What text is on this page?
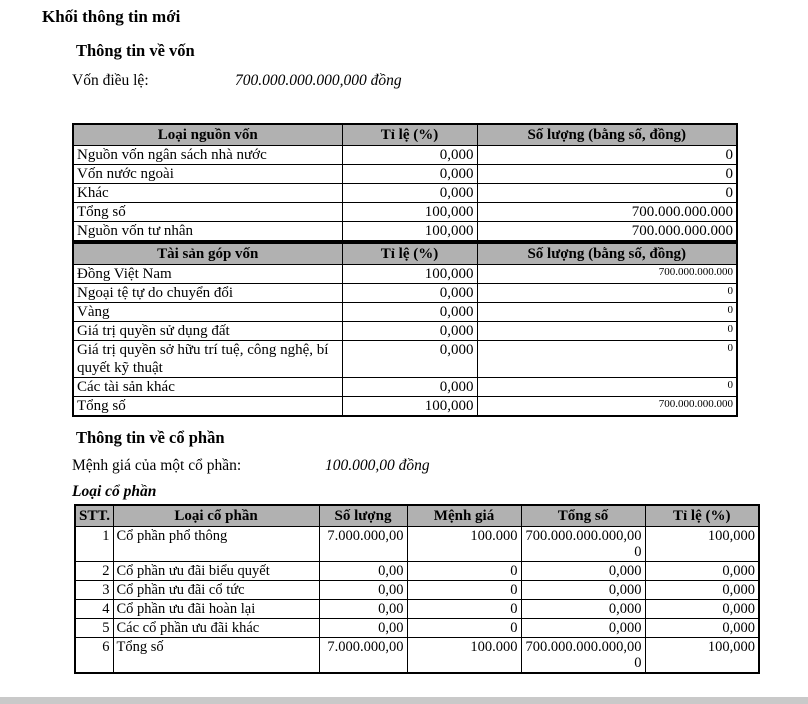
Khối thông tin mới
Thông tin về vốn
Vốn điều lệ:	700.000.000.000,000 đồng
Loại nguồn vốn	Tỉ lệ (%)	Số lượng (bằng số, đồng)
Nguồn vốn ngân sách nhà nước	0,000	0
Vốn nước ngoài	0,000	0
Khác	0,000	0
Tổng số	100,000	700.000.000.000
Nguồn vốn tư nhân	100,000	700.000.000.000
Tài sản góp vốn	Tỉ lệ (%)	Số lượng (bằng số, đồng)
Đồng Việt Nam	100,000	700.000.000.000
Ngoại tệ tự do chuyển đổi	0,000	0
Vàng	0,000	0
Giá trị quyền sử dụng đất	0,000	0
Giá trị quyền sở hữu trí tuệ, công nghệ, bí quyết kỹ thuật	0,000	0
Các tài sản khác	0,000	0
Tổng số	100,000	700.000.000.000
Thông tin về cổ phần
Mệnh giá của một cổ phần:	100.000,00 đồng
Loại cổ phần
STT.	Loại cổ phần	Số lượng	Mệnh giá	Tổng số	Tỉ lệ (%)
1	Cổ phần phổ thông	7.000.000,00	100.000	700.000.000.000,000	100,000
2	Cổ phần ưu đãi biểu quyết	0,00	0	0,000	0,000
3	Cổ phần ưu đãi cổ tức	0,00	0	0,000	0,000
4	Cổ phần ưu đãi hoàn lại	0,00	0	0,000	0,000
5	Các cổ phần ưu đãi khác	0,00	0	0,000	0,000
6	Tổng số	7.000.000,00	100.000	700.000.000.000,000	100,000
